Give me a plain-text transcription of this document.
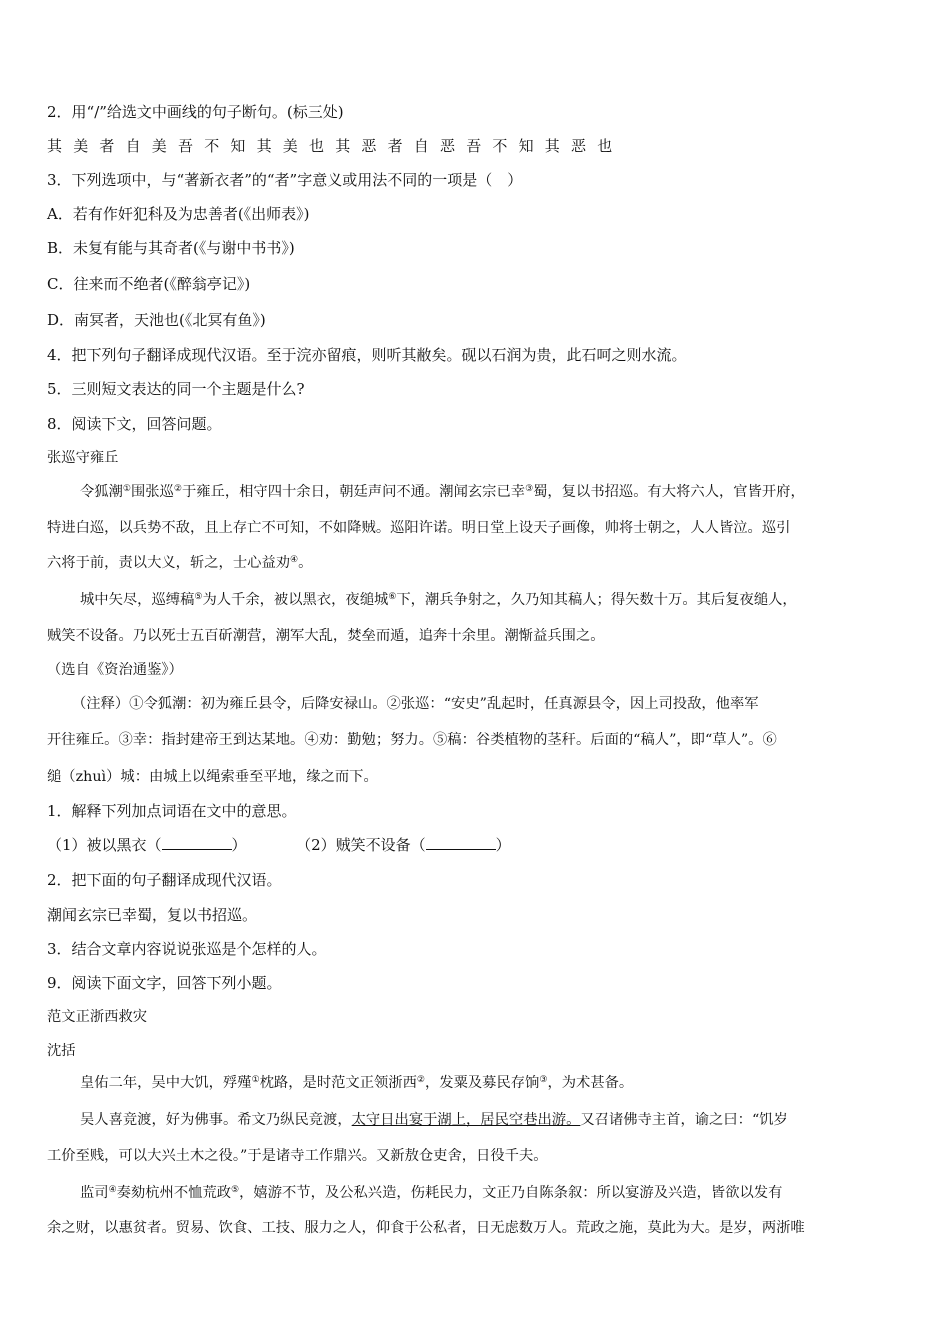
2．用“/”给选文中画线的句子断句。(标三处)
其美者自美吾不知其美也其恶者自恶吾不知其恶也
3．下列选项中，与“著新衣者”的“者”字意义或用法不同的一项是（　）
A．若有作奸犯科及为忠善者(《出师表》)
B．未复有能与其奇者(《与谢中书书》)
C．往来而不绝者(《醉翁亭记》)
D．南冥者，天池也(《北冥有鱼》)
4．把下列句子翻译成现代汉语。至于浣亦留痕，则听其敝矣。砚以石润为贵，此石呵之则水流。
5．三则短文表达的同一个主题是什么?
8．阅读下文，回答问题。
张巡守雍丘
令狐潮①围张巡②于雍丘，相守四十余日，朝廷声问不通。潮闻玄宗已幸③蜀，复以书招巡。有大将六人，官皆开府，
特进白巡，以兵势不敌，且上存亡不可知，不如降贼。巡阳许诺。明日堂上设天子画像，帅将士朝之，人人皆泣。巡引
六将于前，责以大义，斩之，士心益劝④。
城中矢尽，巡缚稿⑤为人千余，被以黑衣，夜缒城⑥下，潮兵争射之，久乃知其稿人；得矢数十万。其后复夜缒人，
贼笑不设备。乃以死士五百斫潮营，潮军大乱，焚垒而遁，追奔十余里。潮惭益兵围之。
（选自《资治通鉴》）
（注释）①令狐潮：初为雍丘县令，后降安禄山。②张巡：“安史”乱起时，任真源县令，因上司投敌，他率军
开往雍丘。③幸：指封建帝王到达某地。④劝：勤勉；努力。⑤稿：谷类植物的茎秆。后面的“稿人”，即“草人”。⑥
缒（zhuì）城：由城上以绳索垂至平地，缘之而下。
1．解释下列加点词语在文中的意思。
（1）被以黑衣（	）	（2）贼笑不设备（	）
2．把下面的句子翻译成现代汉语。
潮闻玄宗已幸蜀，复以书招巡。
3．结合文章内容说说张巡是个怎样的人。
9．阅读下面文字，回答下列小题。
范文正浙西救灾
沈括
皇佑二年，吴中大饥，殍殣①枕路，是时范文正领浙西②，发粟及募民存饷③，为术甚备。
吴人喜竞渡，好为佛事。希文乃纵民竞渡，太守日出宴于湖上，居民空巷出游。又召诸佛寺主首，谕之曰：“饥岁
工价至贱，可以大兴土木之役。”于是诸寺工作鼎兴。又新敖仓吏舍，日役千夫。
监司④奏劾杭州不恤荒政⑤，嬉游不节，及公私兴造，伤耗民力，文正乃自陈条叙：所以宴游及兴造，皆欲以发有
余之财，以惠贫者。贸易、饮食、工技、服力之人，仰食于公私者，日无虑数万人。荒政之施，莫此为大。是岁，两浙唯
